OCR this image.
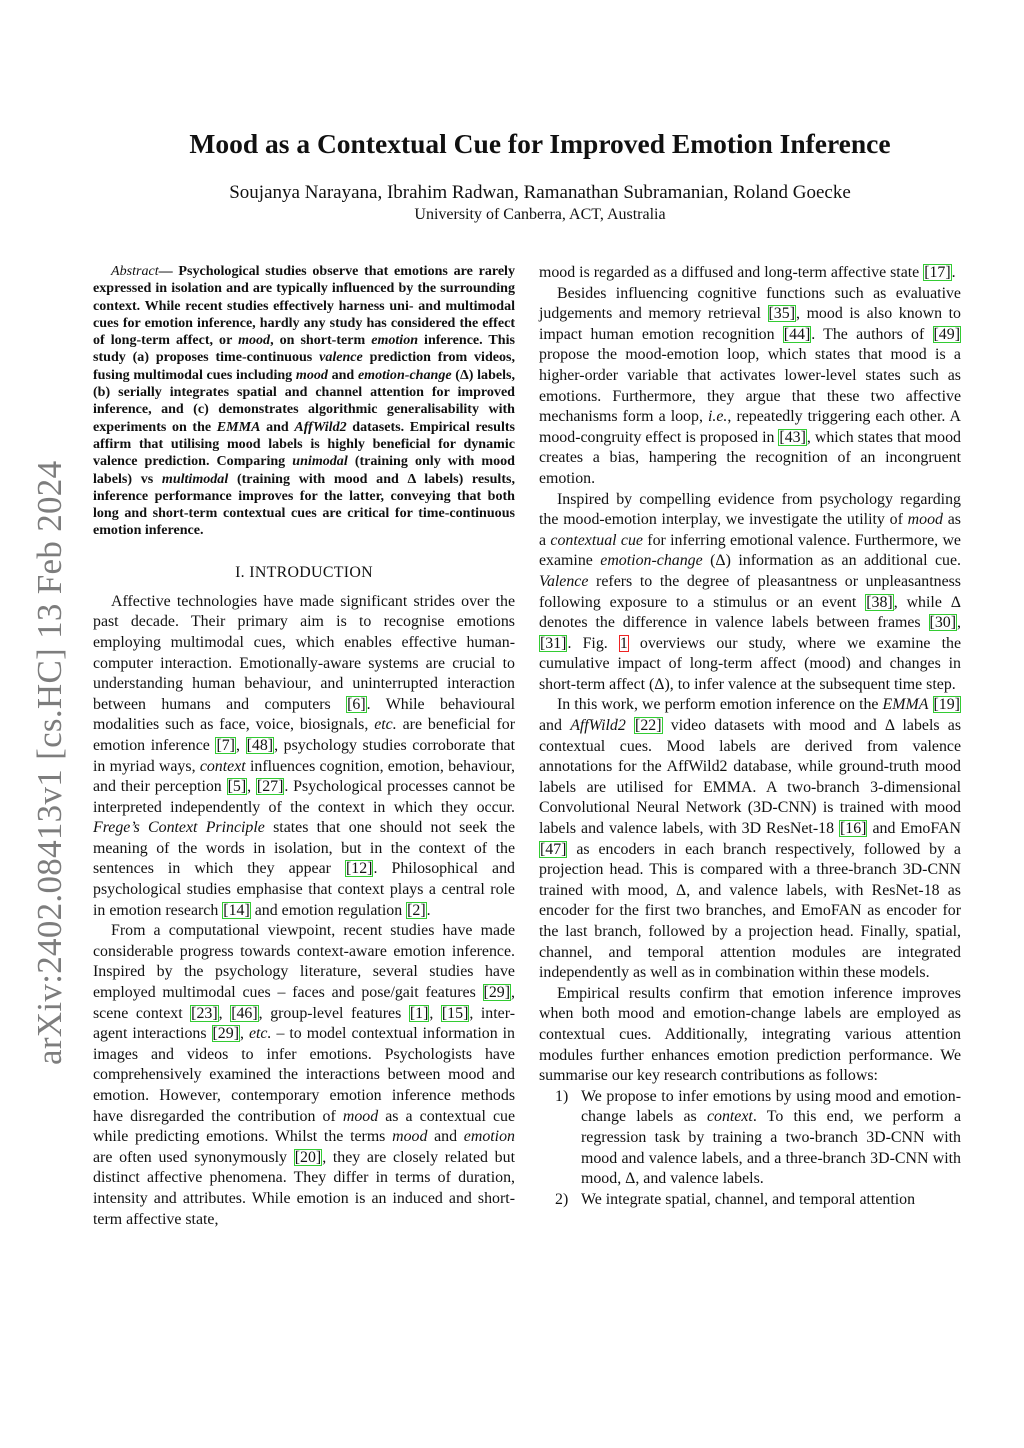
arXiv:2402.08413v1 [cs.HC] 13 Feb 2024
Mood as a Contextual Cue for Improved Emotion Inference
Soujanya Narayana, Ibrahim Radwan, Ramanathan Subramanian, Roland Goecke
University of Canberra, ACT, Australia

Abstract— Psychological studies observe that emotions are rarely expressed in isolation and are typically influenced by the surrounding context. While recent studies effectively harness uni- and multimodal cues for emotion inference, hardly any study has considered the effect of long-term affect, or mood, on short-term emotion inference. This study (a) proposes time-continuous valence prediction from videos, fusing multimodal cues including mood and emotion-change (Δ) labels, (b) serially integrates spatial and channel attention for improved inference, and (c) demonstrates algorithmic generalisability with experiments on the EMMA and AffWild2 datasets. Empirical results affirm that utilising mood labels is highly beneficial for dynamic valence prediction. Comparing unimodal (training only with mood labels) vs multimodal (training with mood and Δ labels) results, inference performance improves for the latter, conveying that both long and short-term contextual cues are critical for time-continuous emotion inference.

I. INTRODUCTION

Affective technologies have made significant strides over the past decade. Their primary aim is to recognise emotions employing multimodal cues, which enables effective human-computer interaction. Emotionally-aware systems are crucial to understanding human behaviour, and uninterrupted interaction between humans and computers [6]. While behavioural modalities such as face, voice, biosignals, etc. are beneficial for emotion inference [7], [48], psychology studies corroborate that in myriad ways, context influences cognition, emotion, behaviour, and their perception [5], [27]. Psychological processes cannot be interpreted independently of the context in which they occur. Frege’s Context Principle states that one should not seek the meaning of the words in isolation, but in the context of the sentences in which they appear [12]. Philosophical and psychological studies emphasise that context plays a central role in emotion research [14] and emotion regulation [2].

From a computational viewpoint, recent studies have made considerable progress towards context-aware emotion inference. Inspired by the psychology literature, several studies have employed multimodal cues – faces and pose/gait features [29], scene context [23], [46], group-level features [1], [15], inter-agent interactions [29], etc. – to model contextual information in images and videos to infer emotions. Psychologists have comprehensively examined the interactions between mood and emotion. However, contemporary emotion inference methods have disregarded the contribution of mood as a contextual cue while predicting emotions. Whilst the terms mood and emotion are often used synonymously [20], they are closely related but distinct affective phenomena. They differ in terms of duration, intensity and attributes. While emotion is an induced and short-term affective state,

mood is regarded as a diffused and long-term affective state [17].

Besides influencing cognitive functions such as evaluative judgements and memory retrieval [35], mood is also known to impact human emotion recognition [44]. The authors of [49] propose the mood-emotion loop, which states that mood is a higher-order variable that activates lower-level states such as emotions. Furthermore, they argue that these two affective mechanisms form a loop, i.e., repeatedly triggering each other. A mood-congruity effect is proposed in [43], which states that mood creates a bias, hampering the recognition of an incongruent emotion.

Inspired by compelling evidence from psychology regarding the mood-emotion interplay, we investigate the utility of mood as a contextual cue for inferring emotional valence. Furthermore, we examine emotion-change (Δ) information as an additional cue. Valence refers to the degree of pleasantness or unpleasantness following exposure to a stimulus or an event [38], while Δ denotes the difference in valence labels between frames [30], [31]. Fig. 1 overviews our study, where we examine the cumulative impact of long-term affect (mood) and changes in short-term affect (Δ), to infer valence at the subsequent time step.

In this work, we perform emotion inference on the EMMA [19] and AffWild2 [22] video datasets with mood and Δ labels as contextual cues. Mood labels are derived from valence annotations for the AffWild2 database, while ground-truth mood labels are utilised for EMMA. A two-branch 3-dimensional Convolutional Neural Network (3D-CNN) is trained with mood labels and valence labels, with 3D ResNet-18 [16] and EmoFAN [47] as encoders in each branch respectively, followed by a projection head. This is compared with a three-branch 3D-CNN trained with mood, Δ, and valence labels, with ResNet-18 as encoder for the first two branches, and EmoFAN as encoder for the last branch, followed by a projection head. Finally, spatial, channel, and temporal attention modules are integrated independently as well as in combination within these models.

Empirical results confirm that emotion inference improves when both mood and emotion-change labels are employed as contextual cues. Additionally, integrating various attention modules further enhances emotion prediction performance. We summarise our key research contributions as follows:

1) We propose to infer emotions by using mood and emotion-change labels as context. To this end, we perform a regression task by training a two-branch 3D-CNN with mood and valence labels, and a three-branch 3D-CNN with mood, Δ, and valence labels.
2) We integrate spatial, channel, and temporal attention
